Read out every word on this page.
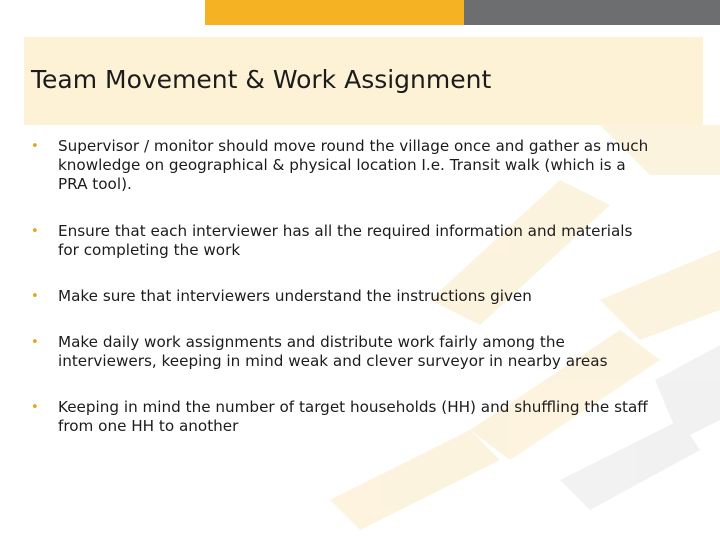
Team Movement & Work Assignment
• Supervisor / monitor should move round the village once and gather as much knowledge on geographical & physical location I.e. Transit walk (which is a PRA tool).
• Ensure that each interviewer has all the required information and materials for completing the work
• Make sure that interviewers understand the instructions given
• Make daily work assignments and distribute work fairly among the interviewers, keeping in mind weak and clever surveyor in nearby areas
• Keeping in mind the number of target households (HH) and shuffling the staff from one HH to another
